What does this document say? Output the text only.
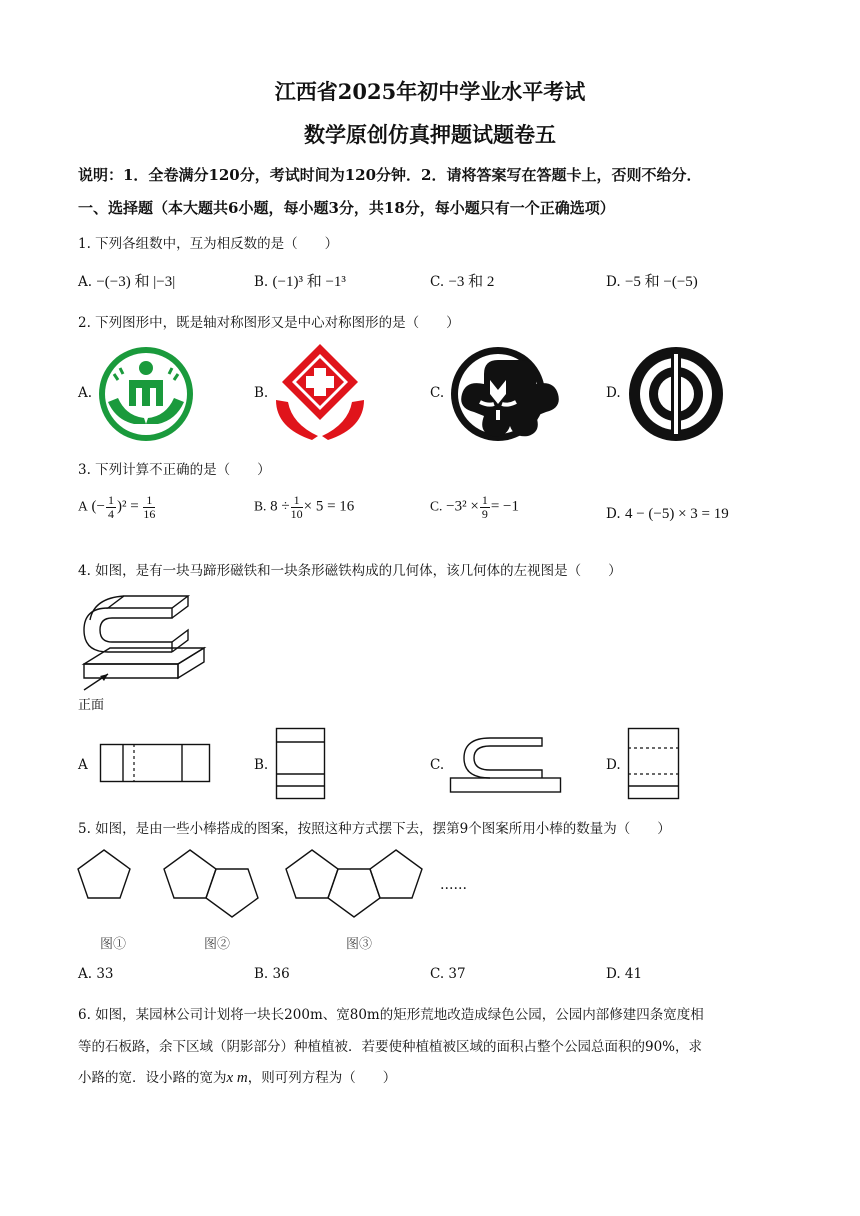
江西省2025年初中学业水平考试
数学原创仿真押题试题卷五
说明：1．全卷满分120分，考试时间为120分钟．2．请将答案写在答题卡上，否则不给分．
一、选择题（本大题共6小题，每小题3分，共18分，每小题只有一个正确选项）
1. 下列各组数中，互为相反数的是（　　）
A. −(−3) 和 |−3|	B. (−1)³ 和 −1³	C. −3 和 2	D. −5 和 −(−5)
2. 下列图形中，既是轴对称图形又是中心对称图形的是（　　）
A.	B.	C.	D.
3. 下列计算不正确的是（　　）
A (− $\frac{1}{4} )^2 = \frac{1}{16}$	B. $8 \div \frac{1}{10} \times 5 = 16$	C. $-3^2 \times \frac{1}{9} = -1$	D. 4 − (−5) × 3 = 19
4. 如图，是有一块马蹄形磁铁和一块条形磁铁构成的几何体，该几何体的左视图是（　　）
正面
A	B.	C.	D.
5. 如图，是由一些小棒搭成的图案，按照这种方式摆下去，摆第9个图案所用小棒的数量为（　　）
……
图①	图②	图③
A. 33	B. 36	C. 37	D. 41
6. 如图，某园林公司计划将一块长200m、宽80m的矩形荒地改造成绿色公园，公园内部修建四条宽度相
等的石板路，余下区域（阴影部分）种植植被．若要使种植植被区域的面积占整个公园总面积的90%，求
小路的宽．设小路的宽为x m，则可列方程为（　　）
